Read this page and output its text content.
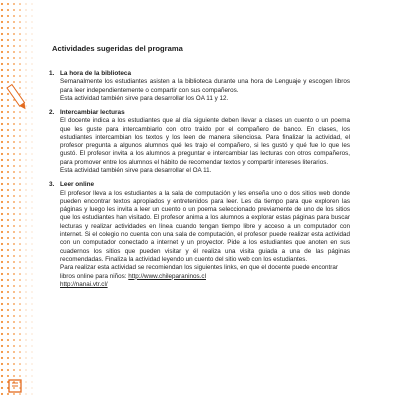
Actividades sugeridas del programa
1. La hora de la biblioteca

Semanalmente los estudiantes asisten a la biblioteca durante una hora de Lenguaje y escogen libros para leer independientemente o compartir con sus compañeros.

Esta actividad también sirve para desarrollar los OA 11 y 12.

2. Intercambiar lecturas

El docente indica a los estudiantes que al día siguiente deben llevar a clases un cuento o un poema que les guste para intercambiarlo con otro traído por el compañero de banco. En clases, los estudiantes intercambian los textos y los leen de manera silenciosa. Para finalizar la actividad, el profesor pregunta a algunos alumnos qué les trajo el compañero, si les gustó y qué fue lo que les gustó. El profesor invita a los alumnos a preguntar e intercambiar las lecturas con otros compañeros, para promover entre los alumnos el hábito de recomendar textos y compartir intereses literarios.

Esta actividad también sirve para desarrollar el OA 11.

3. Leer online

El profesor lleva a los estudiantes a la sala de computación y les enseña uno o dos sitios web donde pueden encontrar textos apropiados y entretenidos para leer. Les da tiempo para que exploren las páginas y luego les invita a leer un cuento o un poema seleccionado previamente de uno de los sitios que los estudiantes han visitado. El profesor anima a los alumnos a explorar estas páginas para buscar lecturas y realizar actividades en línea cuando tengan tiempo libre y acceso a un computador con internet. Si el colegio no cuenta con una sala de computación, el profesor puede realizar esta actividad con un computador conectado a internet y un proyector. Pide a los estudiantes que anoten en sus cuadernos los sitios que pueden visitar y él realiza una visita guiada a una de las páginas recomendadas. Finaliza la actividad leyendo un cuento del sitio web con los estudiantes.

Para realizar esta actividad se recomiendan los siguientes links, en que el docente puede encontrar libros online para niños: http://www.chileparaninos.cl
http://nanai.vtr.cl/
